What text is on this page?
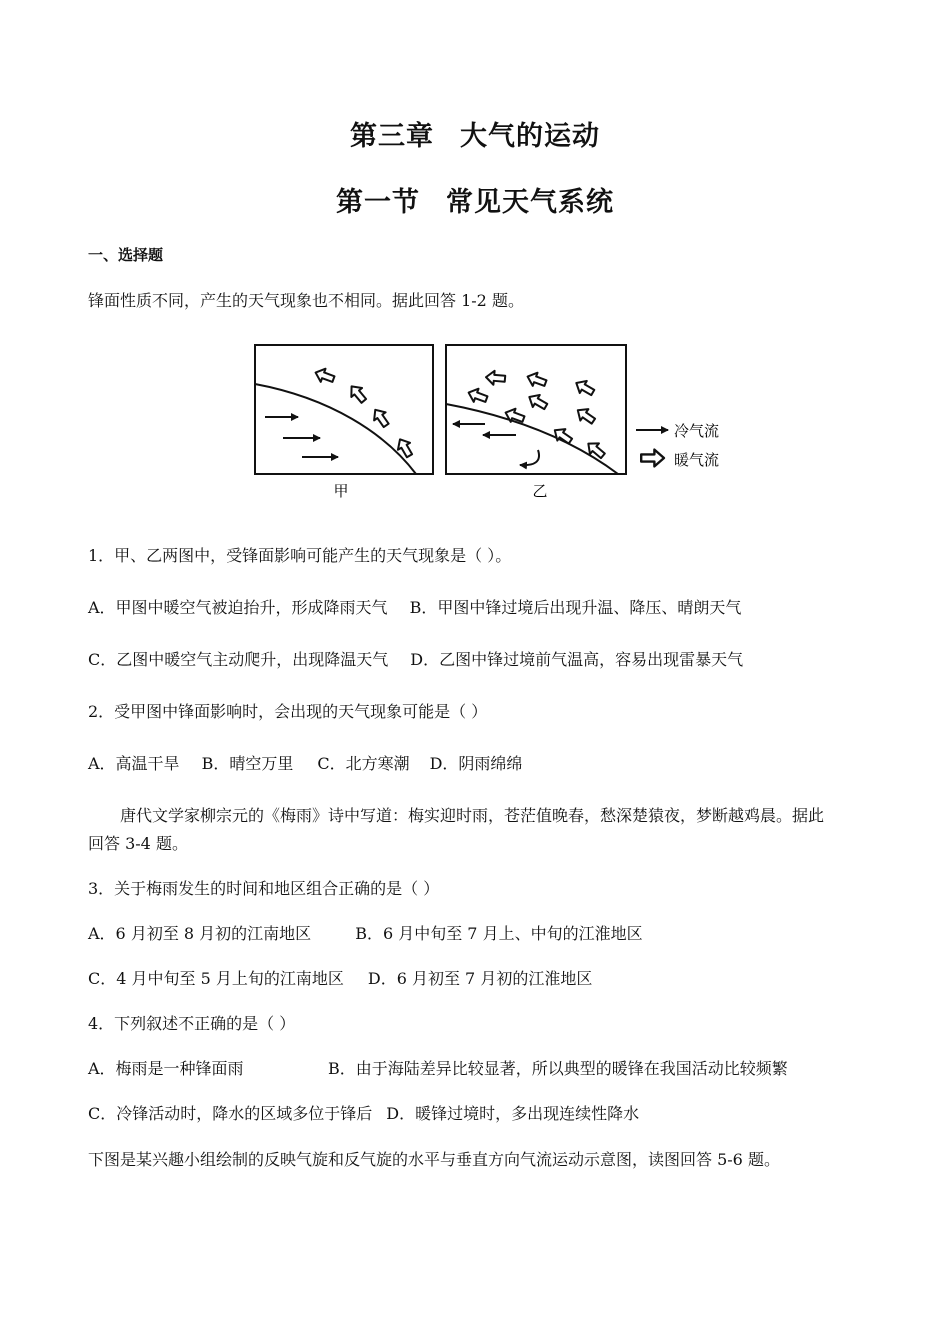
第三章 大气的运动
第一节 常见天气系统
一、选择题
锋面性质不同，产生的天气现象也不相同。据此回答 1-2 题。
甲	乙
冷气流
暖气流
1．甲、乙两图中，受锋面影响可能产生的天气现象是（ ）。
A．甲图中暖空气被迫抬升，形成降雨天气 B．甲图中锋过境后出现升温、降压、晴朗天气
C．乙图中暖空气主动爬升，出现降温天气 D．乙图中锋过境前气温高，容易出现雷暴天气
2．受甲图中锋面影响时，会出现的天气现象可能是（ ）
A．高温干旱 B．晴空万里 C．北方寒潮 D．阴雨绵绵
唐代文学家柳宗元的《梅雨》诗中写道：梅实迎时雨，苍茫值晚春，愁深楚猿夜，梦断越鸡晨。据此
回答 3-4 题。
3．关于梅雨发生的时间和地区组合正确的是（ ）
A．6 月初至 8 月初的江南地区	B．6 月中旬至 7 月上、中旬的江淮地区
C．4 月中旬至 5 月上旬的江南地区 D．6 月初至 7 月初的江淮地区
4．下列叙述不正确的是（ ）
A．梅雨是一种锋面雨	B．由于海陆差异比较显著，所以典型的暖锋在我国活动比较频繁
C．冷锋活动时，降水的区域多位于锋后 D．暖锋过境时，多出现连续性降水
下图是某兴趣小组绘制的反映气旋和反气旋的水平与垂直方向气流运动示意图，读图回答 5-6 题。
